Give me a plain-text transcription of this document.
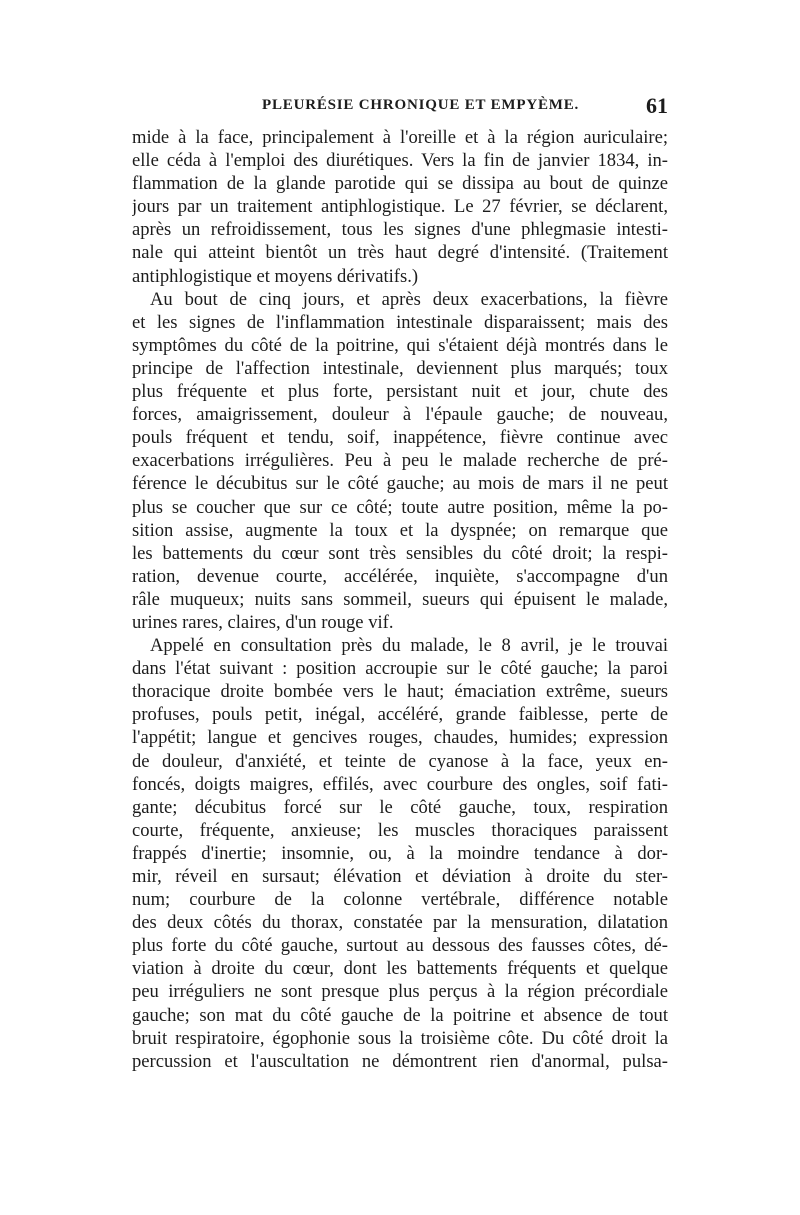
PLEURÉSIE CHRONIQUE ET EMPYÈME.	61
mide à la face, principalement à l'oreille et à la région auriculaire;
elle céda à l'emploi des diurétiques. Vers la fin de janvier 1834, in-
flammation de la glande parotide qui se dissipa au bout de quinze
jours par un traitement antiphlogistique. Le 27 février, se déclarent,
après un refroidissement, tous les signes d'une phlegmasie intesti-
nale qui atteint bientôt un très haut degré d'intensité. (Traitement
antiphlogistique et moyens dérivatifs.)
Au bout de cinq jours, et après deux exacerbations, la fièvre
et les signes de l'inflammation intestinale disparaissent; mais des
symptômes du côté de la poitrine, qui s'étaient déjà montrés dans le
principe de l'affection intestinale, deviennent plus marqués; toux
plus fréquente et plus forte, persistant nuit et jour, chute des
forces, amaigrissement, douleur à l'épaule gauche; de nouveau,
pouls fréquent et tendu, soif, inappétence, fièvre continue avec
exacerbations irrégulières. Peu à peu le malade recherche de pré-
férence le décubitus sur le côté gauche; au mois de mars il ne peut
plus se coucher que sur ce côté; toute autre position, même la po-
sition assise, augmente la toux et la dyspnée; on remarque que
les battements du cœur sont très sensibles du côté droit; la respi-
ration, devenue courte, accélérée, inquiète, s'accompagne d'un
râle muqueux; nuits sans sommeil, sueurs qui épuisent le malade,
urines rares, claires, d'un rouge vif.
Appelé en consultation près du malade, le 8 avril, je le trouvai
dans l'état suivant : position accroupie sur le côté gauche; la paroi
thoracique droite bombée vers le haut; émaciation extrême, sueurs
profuses, pouls petit, inégal, accéléré, grande faiblesse, perte de
l'appétit; langue et gencives rouges, chaudes, humides; expression
de douleur, d'anxiété, et teinte de cyanose à la face, yeux en-
foncés, doigts maigres, effilés, avec courbure des ongles, soif fati-
gante; décubitus forcé sur le côté gauche, toux, respiration
courte, fréquente, anxieuse; les muscles thoraciques paraissent
frappés d'inertie; insomnie, ou, à la moindre tendance à dor-
mir, réveil en sursaut; élévation et déviation à droite du ster-
num; courbure de la colonne vertébrale, différence notable
des deux côtés du thorax, constatée par la mensuration, dilatation
plus forte du côté gauche, surtout au dessous des fausses côtes, dé-
viation à droite du cœur, dont les battements fréquents et quelque
peu irréguliers ne sont presque plus perçus à la région précordiale
gauche; son mat du côté gauche de la poitrine et absence de tout
bruit respiratoire, égophonie sous la troisième côte. Du côté droit la
percussion et l'auscultation ne démontrent rien d'anormal, pulsa-
